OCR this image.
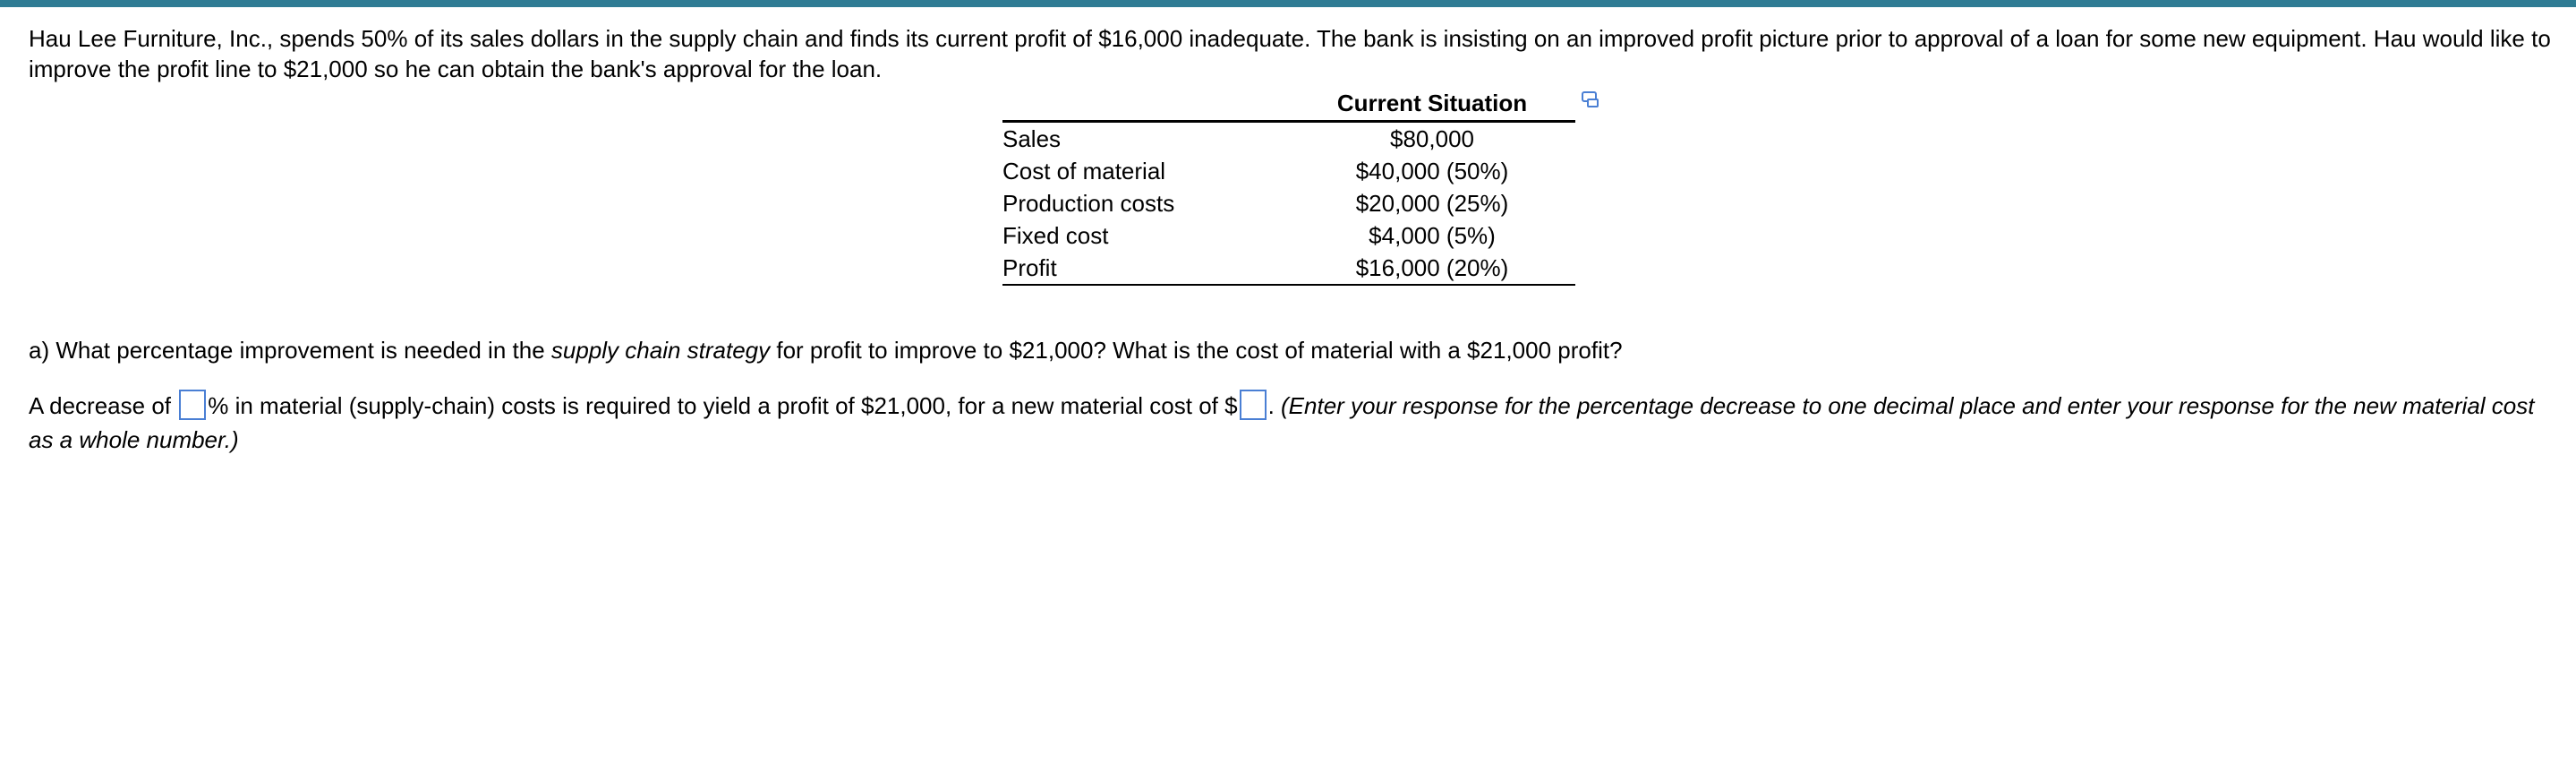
Hau Lee Furniture, Inc., spends 50% of its sales dollars in the supply chain and finds its current profit of $16,000 inadequate. The bank is insisting on an improved profit picture prior to approval of a loan for some new equipment. Hau would like to improve the profit line to $21,000 so he can obtain the bank's approval for the loan.

	Current Situation
Sales	$80,000
Cost of material	$40,000 (50%)
Production costs	$20,000 (25%)
Fixed cost	$4,000 (5%)
Profit	$16,000 (20%)

a) What percentage improvement is needed in the supply chain strategy for profit to improve to $21,000? What is the cost of material with a $21,000 profit?

A decrease of % in material (supply-chain) costs is required to yield a profit of $21,000, for a new material cost of $ . (Enter your response for the percentage decrease to one decimal place and enter your response for the new material cost as a whole number.)
